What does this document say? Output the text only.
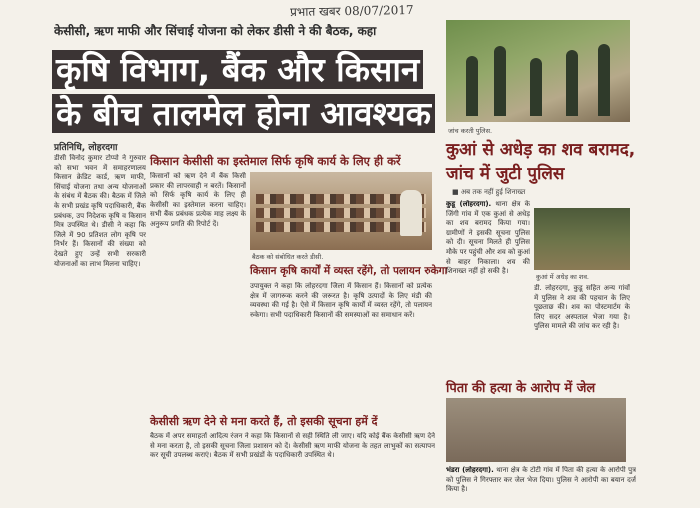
प्रभात खबर 08/07/2017
केसीसी, ऋण माफी और सिंचाई योजना को लेकर डीसी ने की बैठक, कहा
कृषि विभाग, बैंक और किसान
के बीच तालमेल होना आवश्यक
प्रतिनिधि, लोहरदगा
डीसी विनोद कुमार टोप्पो ने गुरुवार को सभा भवन में समाहरणालय किसान क्रेडिट कार्ड, ऋण माफी, सिंचाई योजना तथा अन्य योजनाओं के संबंध में बैठक की। बैठक में जिले के सभी प्रखंड कृषि पदाधिकारी, बैंक प्रबंधक, उप निदेशक कृषि व किसान मित्र उपस्थित थे। डीसी ने कहा कि जिले में 90 प्रतिशत लोग कृषि पर निर्भर हैं। किसानों की संख्या को देखते हुए उन्हें सभी सरकारी योजनाओं का लाभ मिलना चाहिए।
किसान केसीसी का इस्तेमाल सिर्फ कृषि कार्य के लिए ही करें
किसानों को ऋण देने में बैंक किसी प्रकार की लापरवाही न बरतें। किसानों को सिर्फ कृषि कार्य के लिए ही केसीसी का इस्तेमाल करना चाहिए। सभी बैंक प्रबंधक प्रत्येक माह लक्ष्य के अनुरूप प्रगति की रिपोर्ट दें।
बैठक को संबोधित करते डीसी.
किसान कृषि कार्यों में व्यस्त रहेंगे, तो पलायन रुकेगा
उपायुक्त ने कहा कि लोहरदगा जिला में किसान हैं। किसानों को प्रत्येक क्षेत्र में जागरूक करने की जरूरत है। कृषि उत्पादों के लिए मंडी की व्यवस्था की गई है। ऐसे में किसान कृषि कार्यों में व्यस्त रहेंगे, तो पलायन रुकेगा। सभी पदाधिकारी किसानों की समस्याओं का समाधान करें।
केसीसी ऋण देने से मना करते हैं, तो इसकी सूचना हमें दें
बैठक में अपर समाहर्ता आदित्य रंजन ने कहा कि किसानों से सही स्थिति ली जाए। यदि कोई बैंक केसीसी ऋण देने से मना करता है, तो इसकी सूचना जिला प्रशासन को दें। केसीसी ऋण माफी योजना के तहत लाभुकों का सत्यापन कर सूची उपलब्ध कराएं। बैठक में सभी प्रखंडों के पदाधिकारी उपस्थित थे।
जांच करती पुलिस.
कुआं से अधेड़ का शव बरामद, जांच में जुटी पुलिस
■ अब तक नहीं हुई शिनाख्त
कुडू (लोहरदगा). थाना क्षेत्र के जिंगी गांव में एक कुआं से अधेड़ का शव बरामद किया गया। ग्रामीणों ने इसकी सूचना पुलिस को दी। सूचना मिलते ही पुलिस मौके पर पहुंची और शव को कुआं से बाहर निकाला। शव की शिनाख्त नहीं हो सकी है।
कुआं में अधेड़ का शव.
डी. लोहरदगा, कुडू सहित अन्य गांवों में पुलिस ने शव की पहचान के लिए पूछताछ की। शव का पोस्टमार्टम के लिए सदर अस्पताल भेजा गया है। पुलिस मामले की जांच कर रही है।
पिता की हत्या के आरोप में जेल
भंडरा (लोहरदगा). थाना क्षेत्र के टोटी गांव में पिता की हत्या के आरोपी पुत्र को पुलिस ने गिरफ्तार कर जेल भेज दिया। पुलिस ने आरोपी का बयान दर्ज किया है।
